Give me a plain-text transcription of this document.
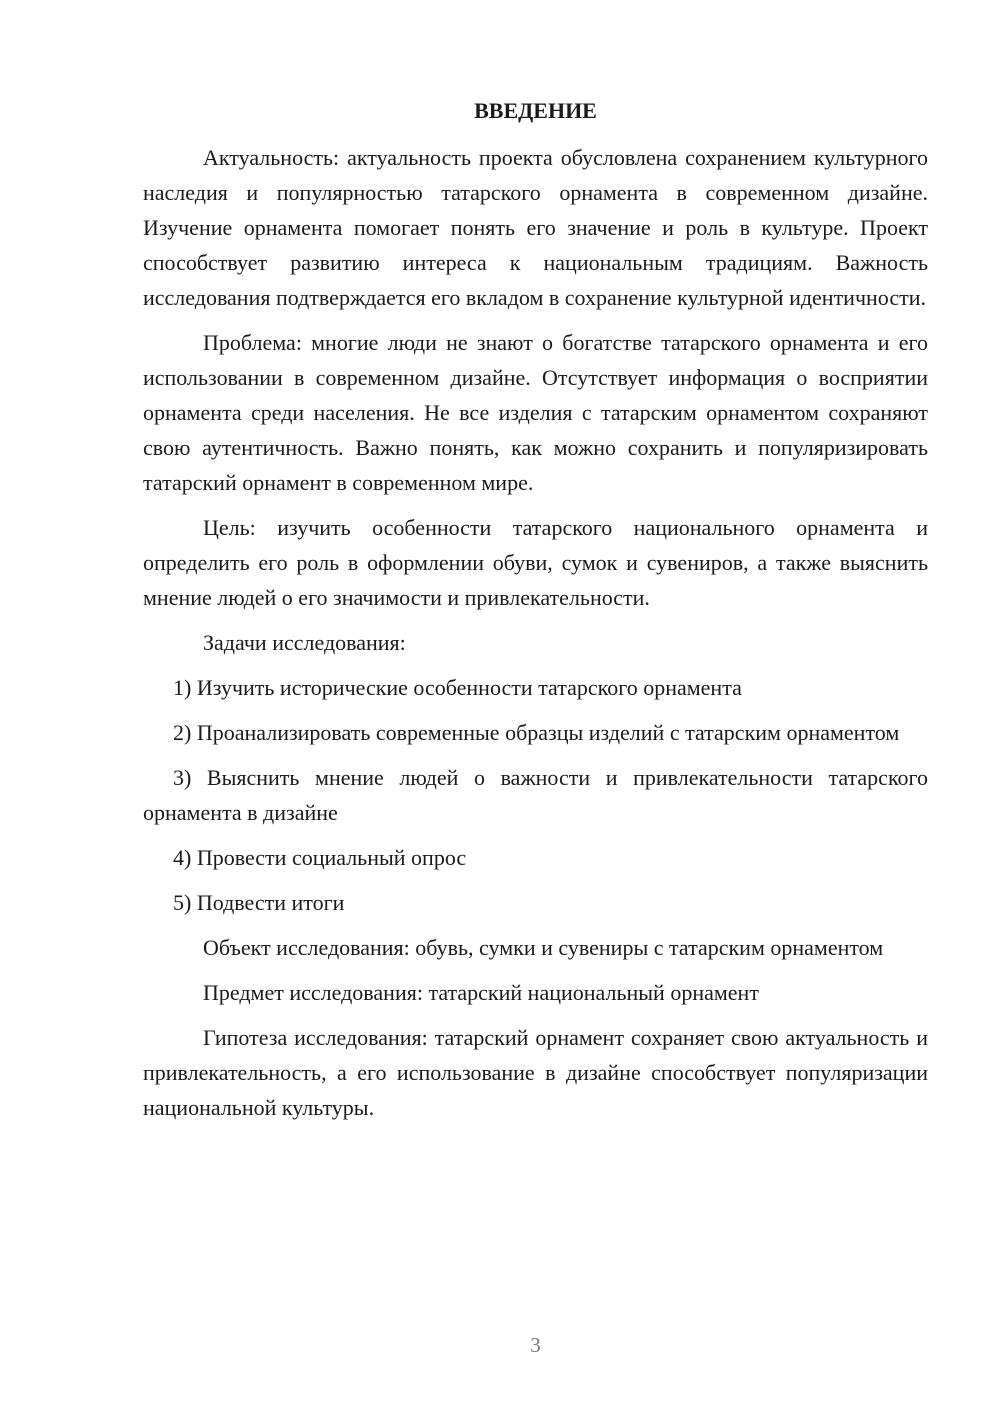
ВВЕДЕНИЕ

Актуальность: актуальность проекта обусловлена сохранением культурного наследия и популярностью татарского орнамента в современном дизайне. Изучение орнамента помогает понять его значение и роль в культуре. Проект способствует развитию интереса к национальным традициям. Важность исследования подтверждается его вкладом в сохранение культурной идентичности.

Проблема: многие люди не знают о богатстве татарского орнамента и его использовании в современном дизайне. Отсутствует информация о восприятии орнамента среди населения. Не все изделия с татарским орнаментом сохраняют свою аутентичность. Важно понять, как можно сохранить и популяризировать татарский орнамент в современном мире.

Цель: изучить особенности татарского национального орнамента и определить его роль в оформлении обуви, сумок и сувениров, а также выяснить мнение людей о его значимости и привлекательности.

Задачи исследования:

1) Изучить исторические особенности татарского орнамента

2) Проанализировать современные образцы изделий с татарским орнаментом

3) Выяснить мнение людей о важности и привлекательности татарского орнамента в дизайне

4) Провести социальный опрос

5) Подвести итоги

Объект исследования: обувь, сумки и сувениры с татарским орнаментом

Предмет исследования: татарский национальный орнамент

Гипотеза исследования: татарский орнамент сохраняет свою актуальность и привлекательность, а его использование в дизайне способствует популяризации национальной культуры.

3
